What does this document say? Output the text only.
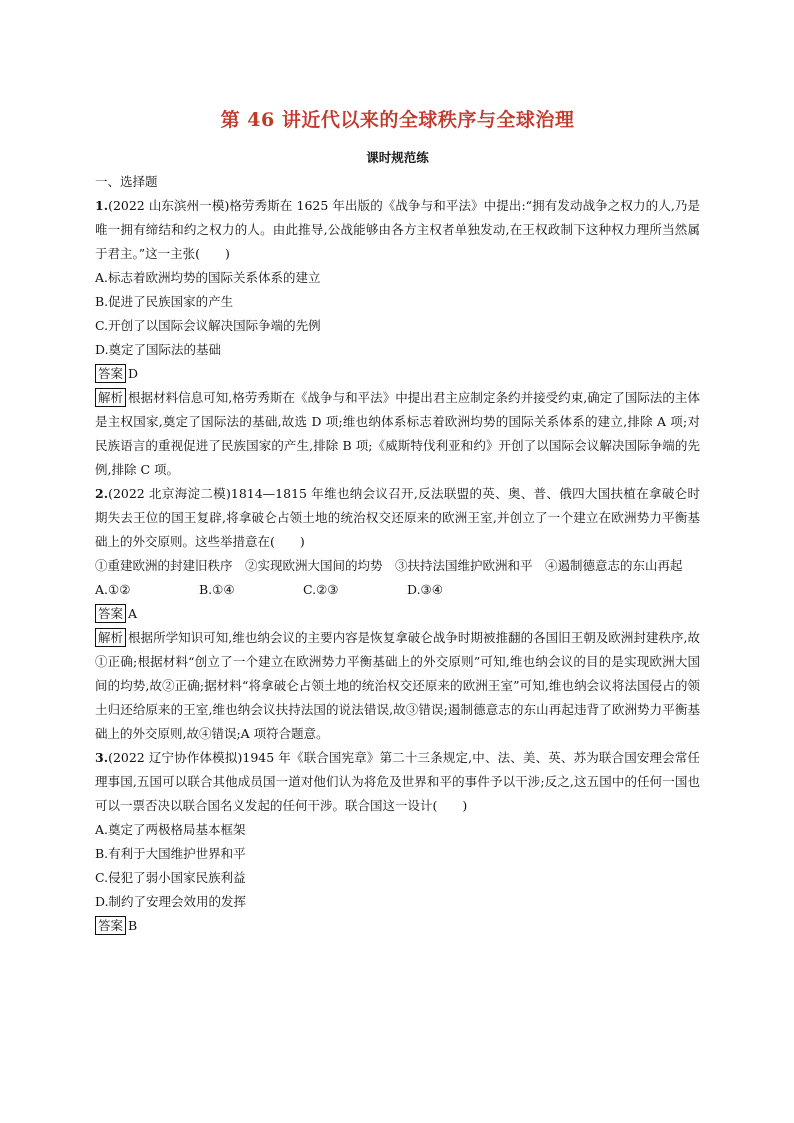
第 46 讲近代以来的全球秩序与全球治理
课时规范练
一、选择题
1.(2022 山东滨州一模)格劳秀斯在 1625 年出版的《战争与和平法》中提出:“拥有发动战争之权力的人,乃是唯一拥有缔结和约之权力的人。由此推导,公战能够由各方主权者单独发动,在王权政制下这种权力理所当然属于君主。”这一主张(　　)
A.标志着欧洲均势的国际关系体系的建立
B.促进了民族国家的产生
C.开创了以国际会议解决国际争端的先例
D.奠定了国际法的基础
答案 D
解析 根据材料信息可知,格劳秀斯在《战争与和平法》中提出君主应制定条约并接受约束,确定了国际法的主体是主权国家,奠定了国际法的基础,故选 D 项;维也纳体系标志着欧洲均势的国际关系体系的建立,排除 A 项;对民族语言的重视促进了民族国家的产生,排除 B 项;《威斯特伐利亚和约》开创了以国际会议解决国际争端的先例,排除 C 项。
2.(2022 北京海淀二模)1814—1815 年维也纳会议召开,反法联盟的英、奥、普、俄四大国扶植在拿破仑时期失去王位的国王复辟,将拿破仑占领土地的统治权交还原来的欧洲王室,并创立了一个建立在欧洲势力平衡基础上的外交原则。这些举措意在(　　)
①重建欧洲的封建旧秩序　②实现欧洲大国间的均势　③扶持法国维护欧洲和平　④遏制德意志的东山再起
A.①②	B.①④	C.②③	D.③④
答案 A
解析 根据所学知识可知,维也纳会议的主要内容是恢复拿破仑战争时期被推翻的各国旧王朝及欧洲封建秩序,故①正确;根据材料“创立了一个建立在欧洲势力平衡基础上的外交原则”可知,维也纳会议的目的是实现欧洲大国间的均势,故②正确;据材料“将拿破仑占领土地的统治权交还原来的欧洲王室”可知,维也纳会议将法国侵占的领土归还给原来的王室,维也纳会议扶持法国的说法错误,故③错误;遏制德意志的东山再起违背了欧洲势力平衡基础上的外交原则,故④错误;A 项符合题意。
3.(2022 辽宁协作体模拟)1945 年《联合国宪章》第二十三条规定,中、法、美、英、苏为联合国安理会常任理事国,五国可以联合其他成员国一道对他们认为将危及世界和平的事件予以干涉;反之,这五国中的任何一国也可以一票否决以联合国名义发起的任何干涉。联合国这一设计(　　)
A.奠定了两极格局基本框架
B.有利于大国维护世界和平
C.侵犯了弱小国家民族利益
D.制约了安理会效用的发挥
答案 B
